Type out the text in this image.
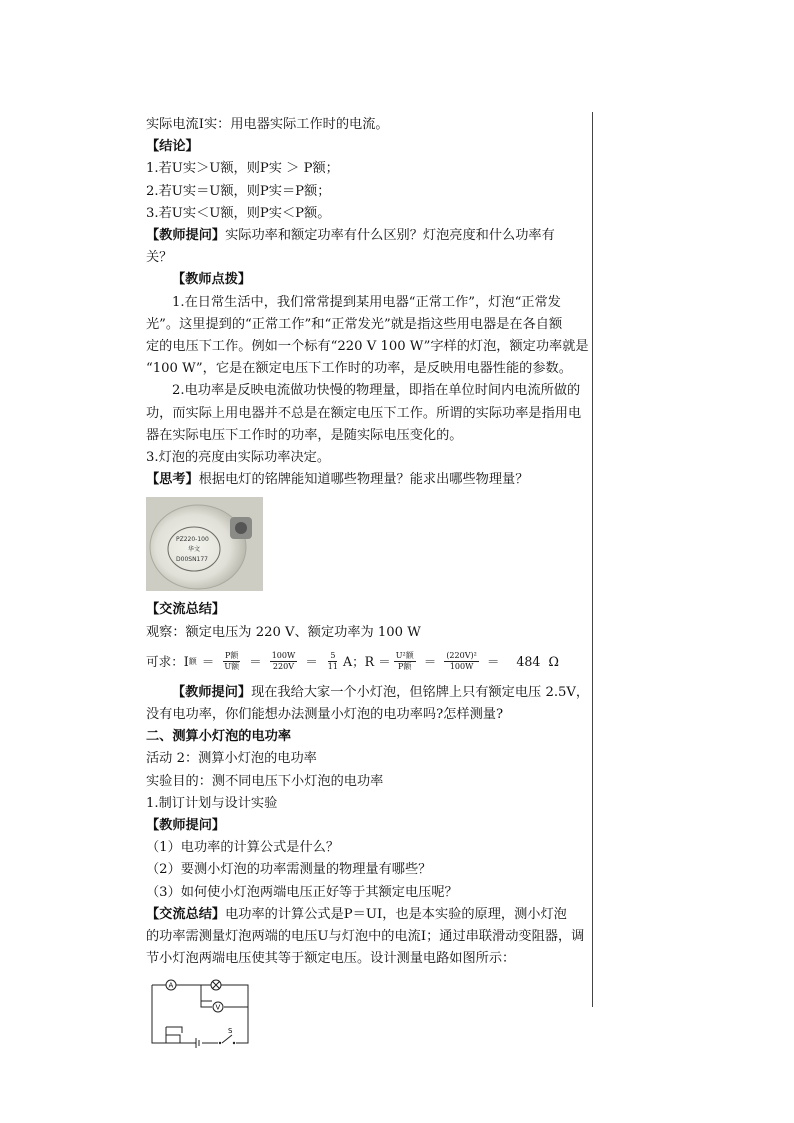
实际电流I实：用电器实际工作时的电流。
【结论】
1.若U实＞U额，则P实 ＞ P额；
2.若U实＝U额，则P实＝P额；
3.若U实＜U额，则P实＜P额。
【教师提问】实际功率和额定功率有什么区别？灯泡亮度和什么功率有
关？
【教师点拨】
1.在日常生活中，我们常常提到某用电器“正常工作”，灯泡“正常发
光”。这里提到的“正常工作”和“正常发光”就是指这些用电器是在各自额
定的电压下工作。例如一个标有“220 V 100 W”字样的灯泡，额定功率就是
“100 W”，它是在额定电压下工作时的功率，是反映用电器性能的参数。
2.电功率是反映电流做功快慢的物理量，即指在单位时间内电流所做的
功，而实际上用电器并不总是在额定电压下工作。所谓的实际功率是指用电
器在实际电压下工作时的功率，是随实际电压变化的。
3.灯泡的亮度由实际功率决定。
【思考】根据电灯的铭牌能知道哪些物理量？能求出哪些物理量？
PZ220-100
华文
D00SN177
【交流总结】
观察：额定电压为 220 V、额定功率为 100 W
可求：I 额 ＝ $\frac{\text{P额}}{\text{U额}} = \frac{100W}{220V} = \frac{5}{11}$ A；$R = \frac{\text{U²额}}{\text{P额}} = \frac{\text{(220V)²}}{100W} = 484$ Ω
【教师提问】现在我给大家一个小灯泡，但铭牌上只有额定电压 2.5V，
没有电功率，你们能想办法测量小灯泡的电功率吗?怎样测量?
二、测算小灯泡的电功率
活动 2：测算小灯泡的电功率
实验目的：测不同电压下小灯泡的电功率
1.制订计划与设计实验
【教师提问】
（1）电功率的计算公式是什么？
（2）要测小灯泡的功率需测量的物理量有哪些？
（3）如何使小灯泡两端电压正好等于其额定电压呢？
【交流总结】电功率的计算公式是P＝UI，也是本实验的原理，测小灯泡
的功率需测量灯泡两端的电压U与灯泡中的电流I；通过串联滑动变阻器，调
节小灯泡两端电压使其等于额定电压。设计测量电路如图所示：
A
V
S
